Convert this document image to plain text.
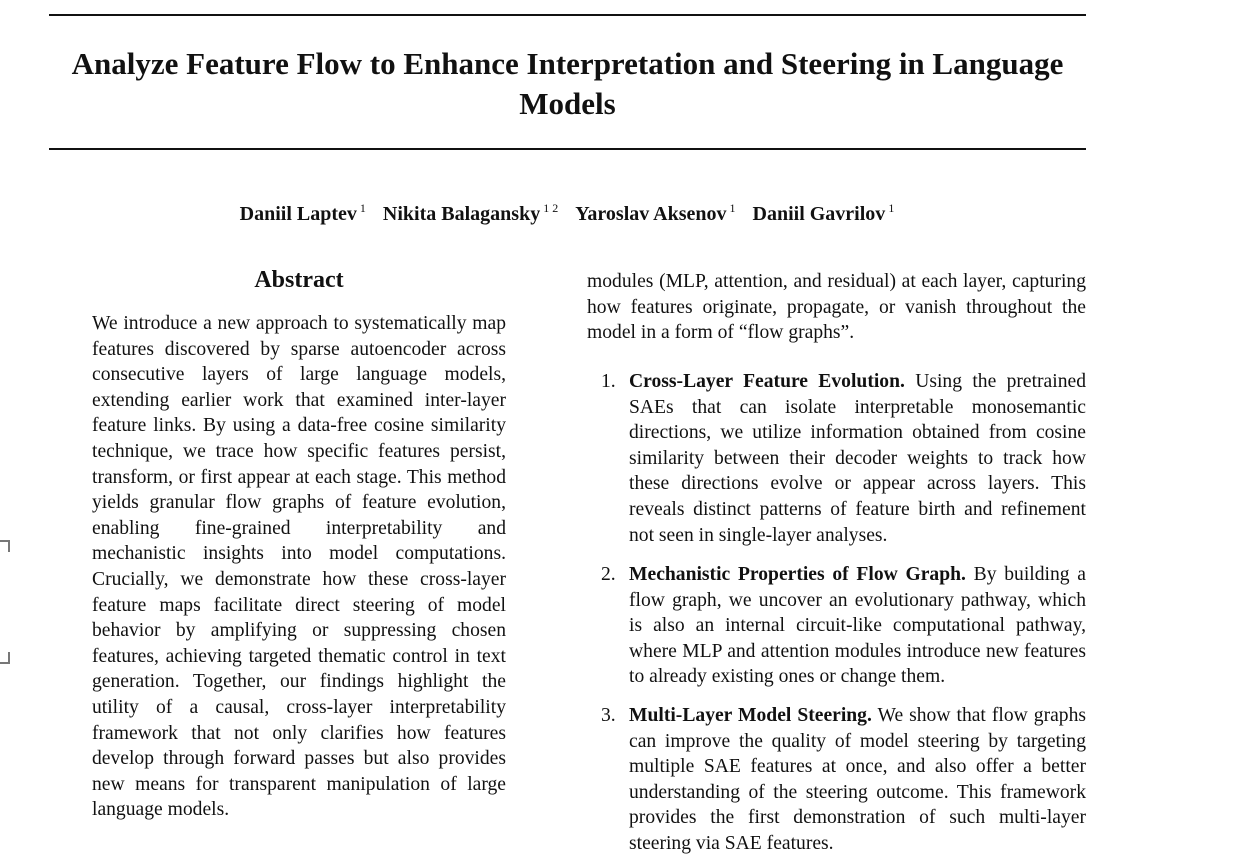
Analyze Feature Flow to Enhance Interpretation and Steering in Language Models
Daniil Laptev $^1$ Nikita Balagansky $^{1 2}$ Yaroslav Aksenov $^1$ Daniil Gavrilov $^1$
Abstract

We introduce a new approach to systematically map features discovered by sparse autoencoder across consecutive layers of large language models, extending earlier work that examined inter-layer feature links. By using a data-free cosine similarity technique, we trace how specific features persist, transform, or first appear at each stage. This method yields granular flow graphs of feature evolution, enabling fine-grained interpretability and mechanistic insights into model computations. Crucially, we demonstrate how these cross-layer feature maps facilitate direct steering of model behavior by amplifying or suppressing chosen features, achieving targeted thematic control in text generation. Together, our findings highlight the utility of a causal, cross-layer interpretability framework that not only clarifies how features develop through forward passes but also provides new means for transparent manipulation of large language models.

modules (MLP, attention, and residual) at each layer, capturing how features originate, propagate, or vanish throughout the model in a form of “flow graphs”.

1. Cross-Layer Feature Evolution. Using the pretrained SAEs that can isolate interpretable monosemantic directions, we utilize information obtained from cosine similarity between their decoder weights to track how these directions evolve or appear across layers. This reveals distinct patterns of feature birth and refinement not seen in single-layer analyses.
2. Mechanistic Properties of Flow Graph. By building a flow graph, we uncover an evolutionary pathway, which is also an internal circuit-like computational pathway, where MLP and attention modules introduce new features to already existing ones or change them.
3. Multi-Layer Model Steering. We show that flow graphs can improve the quality of model steering by targeting multiple SAE features at once, and also offer a better understanding of the steering outcome. This framework provides the first demonstration of such multi-layer steering via SAE features.
